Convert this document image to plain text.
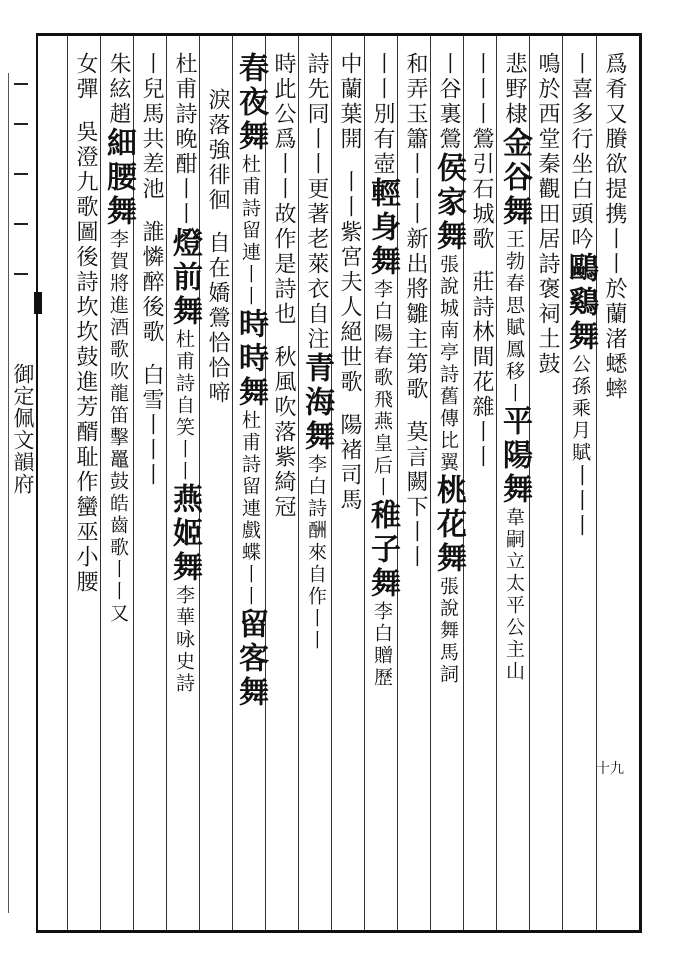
御定佩文韻府
爲肴又賸欲提携丨丨於蘭渚蟋蟀
丨喜多行坐白頭吟鷗鷄舞公孫乘月賦丨丨丨
鳴於西堂秦觀田居詩褒祠土鼓
悲野棣金谷舞王勃春思賦鳳移丨平陽舞韋嗣立太平公主山
丨丨丨鶯引石城歌莊詩林間花雜丨丨
丨谷裏鶯侯家舞張說城南亭詩舊傳比翼桃花舞張說舞馬詞
和弄玉簫丨丨丨新出將雛主第歌莫言闕下丨丨
丨丨別有壺輕身舞李白陽春歌飛燕皇后丨稚子舞李白贈歷
中蘭葉開丨丨紫宮夫人絕世歌陽褚司馬
詩先同丨丨更著老萊衣自注青海舞李白詩酬來自作丨丨
時此公爲丨丨故作是詩也秋風吹落紫綺冠
春夜舞杜甫詩留連丨丨時時舞杜甫詩留連戲蝶丨丨留客舞
淚落強徘徊自在嬌鶯恰恰啼
杜甫詩晚酣丨丨燈前舞杜甫詩自笑丨丨燕姬舞李華咏史詩
丨兒馬共差池誰憐醉後歌白雪丨丨丨
朱絃趙細腰舞李賀將進酒歌吹龍笛擊鼉鼓皓齒歌丨丨又
女彈吳澄九歌圖後詩坎坎鼓進芳醑耻作蠻巫小腰
十九
